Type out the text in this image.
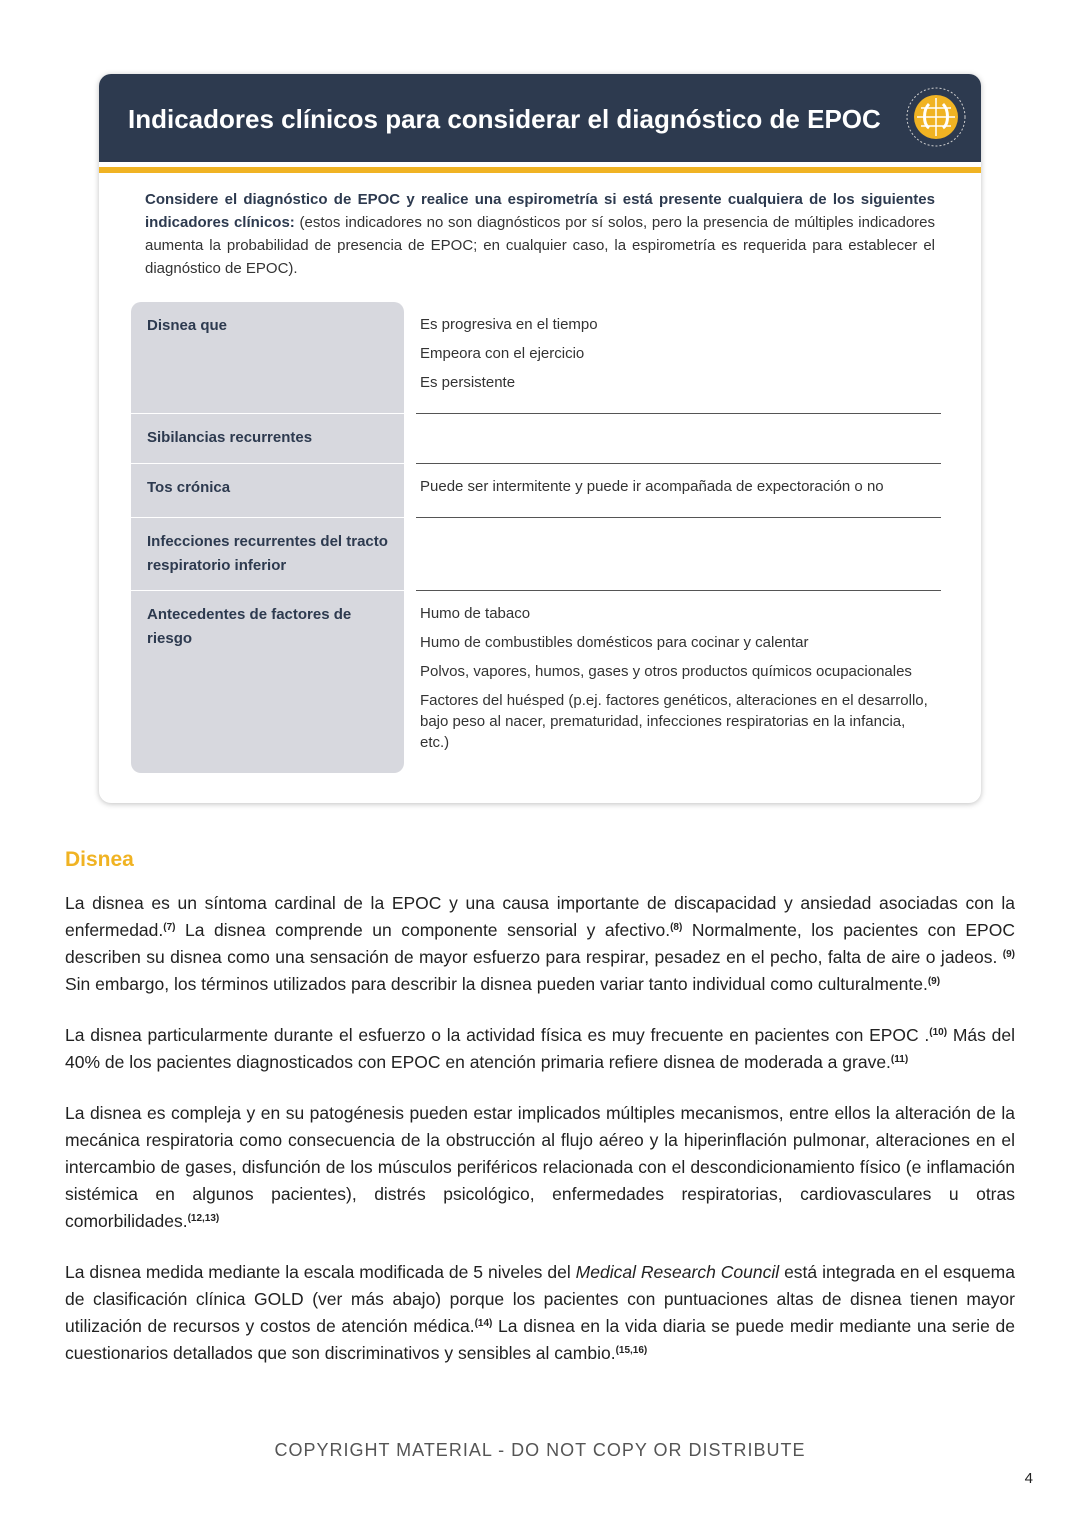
Indicadores clínicos para considerar el diagnóstico de EPOC

Considere el diagnóstico de EPOC y realice una espirometría si está presente cualquiera de los siguientes indicadores clínicos: (estos indicadores no son diagnósticos por sí solos, pero la presencia de múltiples indicadores aumenta la probabilidad de presencia de EPOC; en cualquier caso, la espirometría es requerida para establecer el diagnóstico de EPOC).

Disnea que	Es progresiva en el tiempo
Empeora con el ejercicio
Es persistente
Sibilancias recurrentes
Tos crónica	Puede ser intermitente y puede ir acompañada de expectoración o no
Infecciones recurrentes del tracto respiratorio inferior
Antecedentes de factores de riesgo
Humo de tabaco
Humo de combustibles domésticos para cocinar y calentar
Polvos, vapores, humos, gases y otros productos químicos ocupacionales
Factores del huésped (p.ej. factores genéticos, alteraciones en el desarrollo, bajo peso al nacer, prematuridad, infecciones respiratorias en la infancia, etc.)
Disnea

La disnea es un síntoma cardinal de la EPOC y una causa importante de discapacidad y ansiedad asociadas con la enfermedad.$^{(7)}$ La disnea comprende un componente sensorial y afectivo.$^{(8)}$ Normalmente, los pacientes con EPOC describen su disnea como una sensación de mayor esfuerzo para respirar, pesadez en el pecho, falta de aire o jadeos. $^{(9)}$ Sin embargo, los términos utilizados para describir la disnea pueden variar tanto individual como culturalmente.$^{(9)}$

La disnea particularmente durante el esfuerzo o la actividad física es muy frecuente en pacientes con EPOC .$^{(10)}$ Más del 40% de los pacientes diagnosticados con EPOC en atención primaria refiere disnea de moderada a grave.$^{(11)}$

La disnea es compleja y en su patogénesis pueden estar implicados múltiples mecanismos, entre ellos la alteración de la mecánica respiratoria como consecuencia de la obstrucción al flujo aéreo y la hiperinflación pulmonar, alteraciones en el intercambio de gases, disfunción de los músculos periféricos relacionada con el descondicionamiento físico (e inflamación sistémica en algunos pacientes), distrés psicológico, enfermedades respiratorias, cardiovasculares u otras comorbilidades.$^{(12,13)}$

La disnea medida mediante la escala modificada de 5 niveles del Medical Research Council está integrada en el esquema de clasificación clínica GOLD (ver más abajo) porque los pacientes con puntuaciones altas de disnea tienen mayor utilización de recursos y costos de atención médica.$^{(14)}$ La disnea en la vida diaria se puede medir mediante una serie de cuestionarios detallados que son discriminativos y sensibles al cambio.$^{(15,16)}$

COPYRIGHT MATERIAL - DO NOT COPY OR DISTRIBUTE
4
